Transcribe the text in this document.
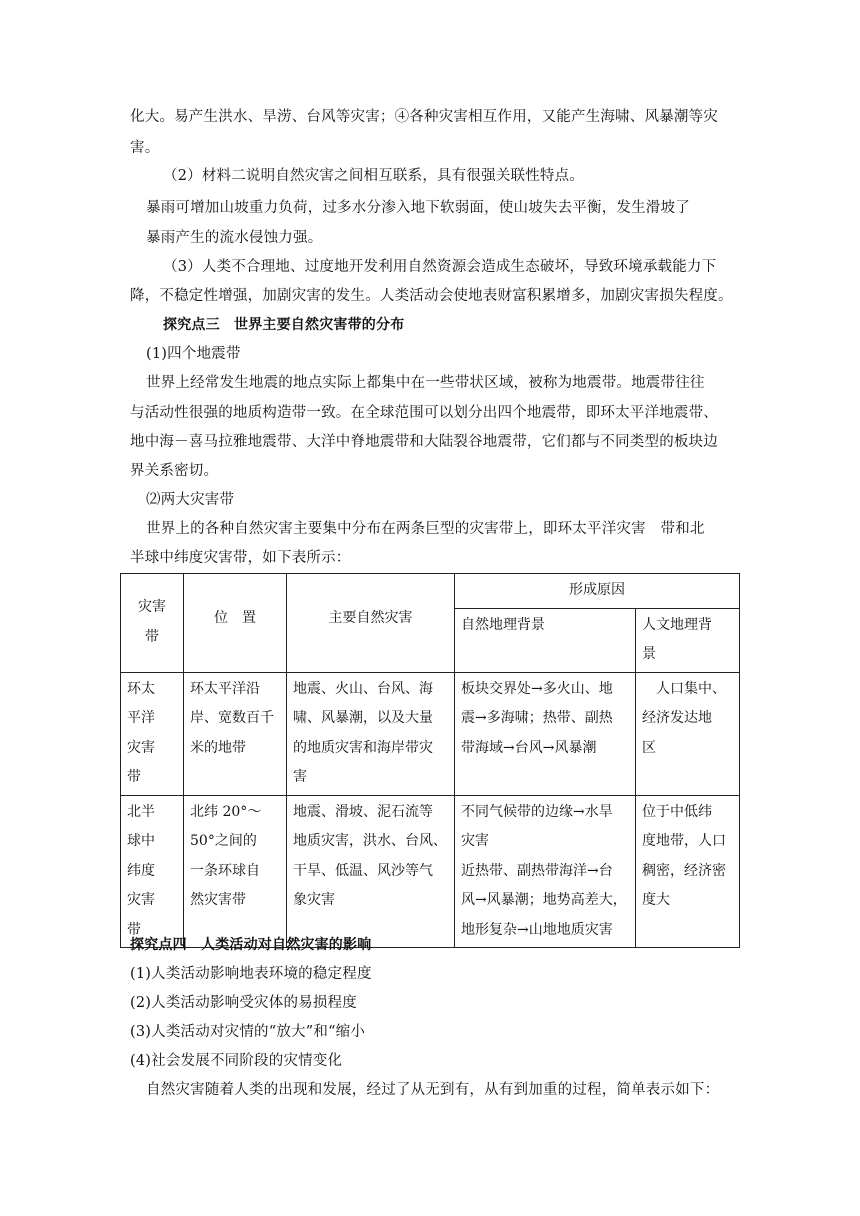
化大。易产生洪水、旱涝、台风等灾害；④各种灾害相互作用，又能产生海啸、风暴潮等灾
害。
（2）材料二说明自然灾害之间相互联系，具有很强关联性特点。
暴雨可增加山坡重力负荷，过多水分渗入地下软弱面，使山坡失去平衡，发生滑坡了
暴雨产生的流水侵蚀力强。
（3）人类不合理地、过度地开发利用自然资源会造成生态破坏，导致环境承载能力下
降，不稳定性增强，加剧灾害的发生。人类活动会使地表财富积累增多，加剧灾害损失程度。
探究点三　世界主要自然灾害带的分布
(1)四个地震带
世界上经常发生地震的地点实际上都集中在一些带状区域，被称为地震带。地震带往往
与活动性很强的地质构造带一致。在全球范围可以划分出四个地震带，即环太平洋地震带、
地中海－喜马拉雅地震带、大洋中脊地震带和大陆裂谷地震带，它们都与不同类型的板块边
界关系密切。
⑵两大灾害带
世界上的各种自然灾害主要集中分布在两条巨型的灾害带上，即环太平洋灾害　带和北
半球中纬度灾害带，如下表所示：
灾害
带	位　置	主要自然灾害	形成原因	
			自然地理背景	人文地理背
景
环太
平洋
灾害
带	环太平洋沿
岸、宽数百千
米的地带	地震、火山、台风、海
啸、风暴潮，以及大量
的地质灾害和海岸带灾
害	板块交界处→多火山、地
震→多海啸；热带、副热
带海域→台风→风暴潮	　人口集中、
经济发达地
区
北半
球中
纬度
灾害
带	北纬 20°～
50°之间的
一条环球自
然灾害带	地震、滑坡、泥石流等
地质灾害，洪水、台风、
干旱、低温、风沙等气
象灾害	不同气候带的边缘→水旱
灾害
近热带、副热带海洋→台
风→风暴潮；地势高差大，
地形复杂→山地地质灾害	位于中低纬
度地带，人口
稠密，经济密
度大
探究点四　人类活动对自然灾害的影响
(1)人类活动影响地表环境的稳定程度
(2)人类活动影响受灾体的易损程度
(3)人类活动对灾情的“放大”和“缩小
(4)社会发展不同阶段的灾情变化
自然灾害随着人类的出现和发展，经过了从无到有，从有到加重的过程，简单表示如下：
